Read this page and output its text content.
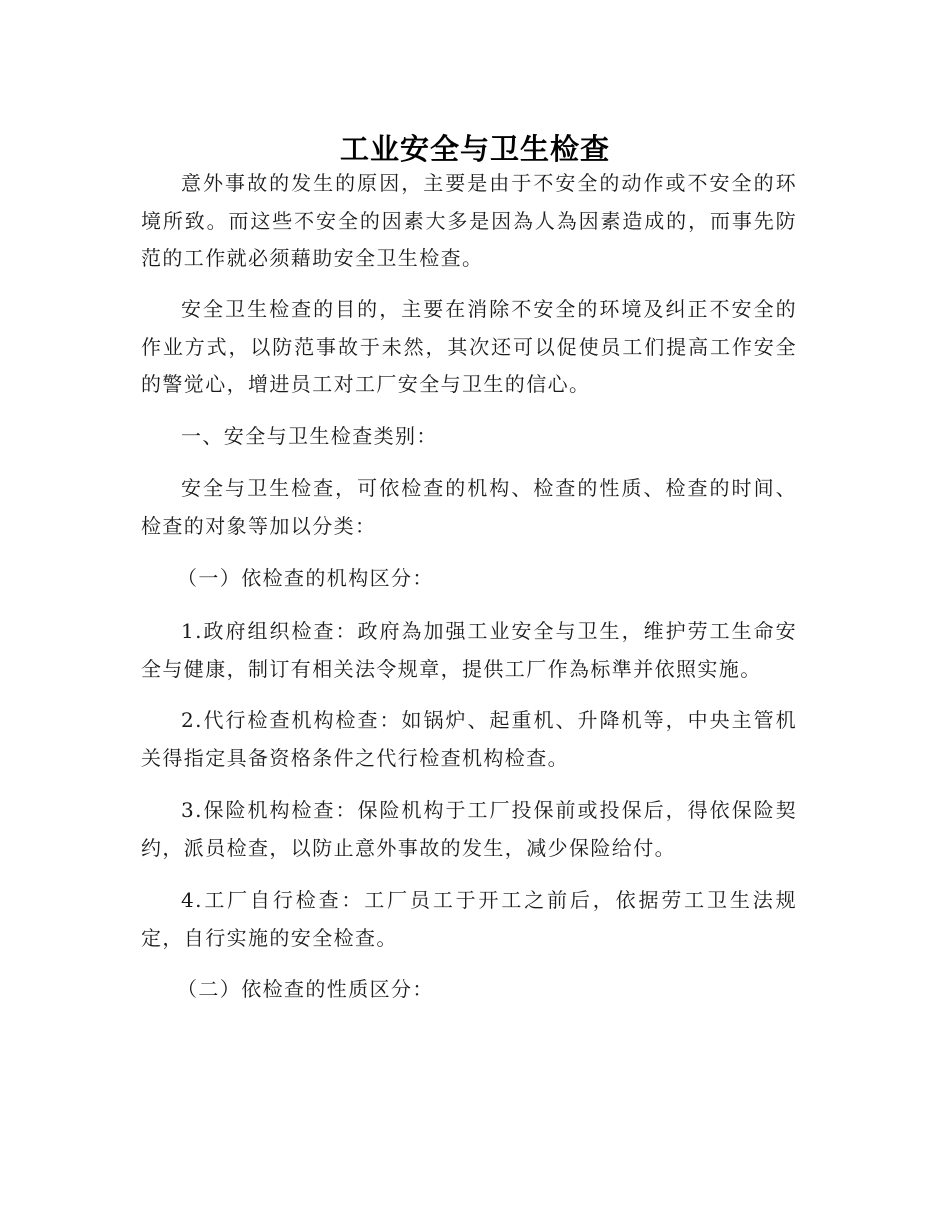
工业安全与卫生检查

意外事故的发生的原因，主要是由于不安全的动作或不安全的环境所致。而这些不安全的因素大多是因為人為因素造成的，而事先防范的工作就必须藉助安全卫生检查。

安全卫生检查的目的，主要在消除不安全的环境及纠正不安全的作业方式，以防范事故于未然，其次还可以促使员工们提高工作安全的警觉心，增进员工对工厂安全与卫生的信心。

一、安全与卫生检查类别：

安全与卫生检查，可依检查的机构、检查的性质、检查的时间、检查的对象等加以分类：

（一）依检查的机构区分：

1.政府组织检查：政府為加强工业安全与卫生，维护劳工生命安全与健康，制订有相关法令规章，提供工厂作為标準并依照实施。

2.代行检查机构检查：如锅炉、起重机、升降机等，中央主管机关得指定具备资格条件之代行检查机构检查。

3.保险机构检查：保险机构于工厂投保前或投保后，得依保险契约，派员检查，以防止意外事故的发生，减少保险给付。

4.工厂自行检查：工厂员工于开工之前后，依据劳工卫生法规定，自行实施的安全检查。

（二）依检查的性质区分：
